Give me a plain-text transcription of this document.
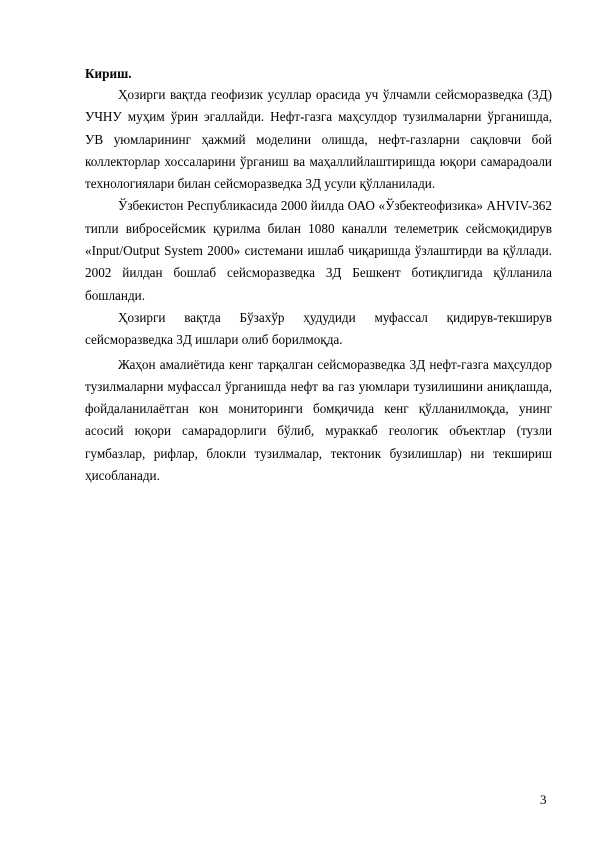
Кириш.

Ҳозирги вақтда геофизик усуллар орасида уч ўлчамли сейсморазведка (3Д) УЧНУ муҳим ўрин эгаллайди. Нефт-газга маҳсулдор тузилмаларни ўрганишда, УВ уюмларининг ҳажмий моделини олишда, нефт-газларни сақловчи бой коллекторлар хоссаларини ўрганиш ва маҳаллийлаштиришда юқори самарадоали технологиялари билан сейсморазведка 3Д усули қўлланилади.

Ўзбекистон Республикасида 2000 йилда ОАО «Ўзбектеофизика» АНVIV-362 типли вибросейсмик қурилма билан 1080 каналли телеметрик сейсмоқидирув «Input/Output System 2000» системани ишлаб чиқаришда ўзлаштирди ва қўллади. 2002 йилдан бошлаб сейсморазведка 3Д Бешкент ботиқлигида қўлланила бошланди.

Ҳозирги вақтда Бўзахўр ҳудудиди муфассал қидирув-текширув сейсморазведка 3Д ишлари олиб борилмоқда.

Жаҳон амалиётида кенг тарқалган сейсморазведка 3Д нефт-газга маҳсулдор тузилмаларни муфассал ўрганишда нефт ва газ уюмлари тузилишини аниқлашда, фойдаланилаётган кон мониторинги бомқичида кенг қўлланилмоқда, унинг асосий юқори самарадорлиги бўлиб, мураккаб геологик объектлар (тузли гумбазлар, рифлар, блокли тузилмалар, тектоник бузилишлар) ни текшириш ҳисобланади.

3
